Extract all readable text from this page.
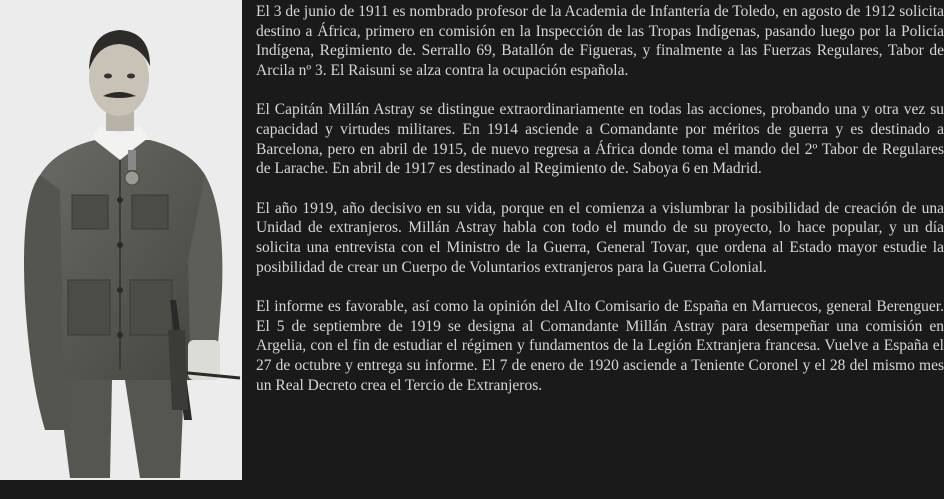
El 3 de junio de 1911 es nombrado profesor de la Academia de Infantería de Toledo, en agosto de 1912 solicita destino a África, primero en comisión en la Inspección de las Tropas Indígenas, pasando luego por la Policía Indígena, Regimiento de. Serrallo 69, Batallón de Figueras, y finalmente a las Fuerzas Regulares, Tabor de Arcila nº 3. El Raisuni se alza contra la ocupación española.

El Capitán Millán Astray se distingue extraordinariamente en todas las acciones, probando una y otra vez su capacidad y virtudes militares. En 1914 asciende a Comandante por méritos de guerra y es destinado a Barcelona, pero en abril de 1915, de nuevo regresa a África donde toma el mando del 2º Tabor de Regulares de Larache. En abril de 1917 es destinado al Regimiento de. Saboya 6 en Madrid.

El año 1919, año decisivo en su vida, porque en el comienza a vislumbrar la posibilidad de creación de una Unidad de extranjeros. Millán Astray habla con todo el mundo de su proyecto, lo hace popular, y un día solicita una entrevista con el Ministro de la Guerra, General Tovar, que ordena al Estado mayor estudie la posibilidad de crear un Cuerpo de Voluntarios extranjeros para la Guerra Colonial.

El informe es favorable, así como la opinión del Alto Comisario de España en Marruecos, general Berenguer. El 5 de septiembre de 1919 se designa al Comandante Millán Astray para desempeñar una comisión en Argelia, con el fin de estudiar el régimen y fundamentos de la Legión Extranjera francesa. Vuelve a España el 27 de octubre y entrega su informe. El 7 de enero de 1920 asciende a Teniente Coronel y el 28 del mismo mes un Real Decreto crea el Tercio de Extranjeros.
